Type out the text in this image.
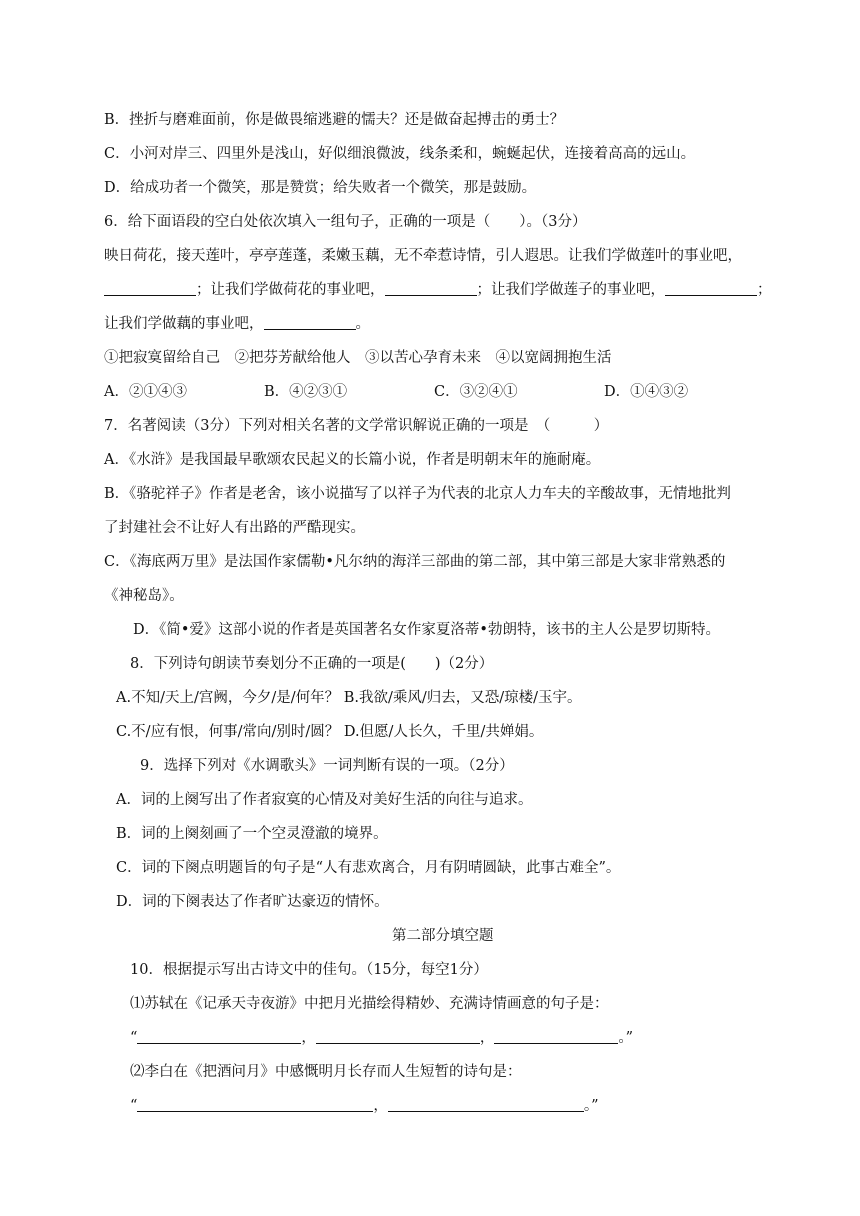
B．挫折与磨难面前，你是做畏缩逃避的懦夫？还是做奋起搏击的勇士？
C．小河对岸三、四里外是浅山，好似细浪微波，线条柔和，蜿蜒起伏，连接着高高的远山。
D．给成功者一个微笑，那是赞赏；给失败者一个微笑，那是鼓励。
6．给下面语段的空白处依次填入一组句子，正确的一项是（　　）。（3分）
映日荷花，接天莲叶，亭亭莲蓬，柔嫩玉藕，无不牵惹诗情，引人遐思。让我们学做莲叶的事业吧，
；让我们学做荷花的事业吧，	；让我们学做莲子的事业吧，	；
让我们学做藕的事业吧，	。
①把寂寞留给自己　②把芬芳献给他人　③以苦心孕育未来　④以宽阔拥抱生活
A．②①④③	B．④②③①	C．③②④①	D．①④③②
7．名著阅读（3分）下列对相关名著的文学常识解说正确的一项是　（　　　）
A．《水浒》是我国最早歌颂农民起义的长篇小说，作者是明朝末年的施耐庵。
B．《骆驼祥子》作者是老舍，该小说描写了以祥子为代表的北京人力车夫的辛酸故事，无情地批判
了封建社会不让好人有出路的严酷现实。
C．《海底两万里》是法国作家儒勒•凡尔纳的海洋三部曲的第二部，其中第三部是大家非常熟悉的
《神秘岛》。
D．《简•爱》这部小说的作者是英国著名女作家夏洛蒂•勃朗特，该书的主人公是罗切斯特。
8．下列诗句朗读节奏划分不正确的一项是(　　)（2分）
A.不知/天上/宫阙，今夕/是/何年？ B.我欲/乘风/归去，又恐/琼楼/玉宇。
C.不/应有恨，何事/常向/别时/圆？ D.但愿/人长久，千里/共婵娟。
9．选择下列对《水调歌头》一词判断有误的一项。（2分）
A．词的上阕写出了作者寂寞的心情及对美好生活的向往与追求。
B．词的上阕刻画了一个空灵澄澈的境界。
C．词的下阕点明题旨的句子是“人有悲欢离合，月有阴晴圆缺，此事古难全”。
D．词的下阕表达了作者旷达豪迈的情怀。
第二部分填空题
10．根据提示写出古诗文中的佳句。（15分，每空1分）
⑴苏轼在《记承天寺夜游》中把月光描绘得精妙、充满诗情画意的句子是：
“	，	，	。”
⑵李白在《把酒问月》中感慨明月长存而人生短暂的诗句是：
“	，	。”
